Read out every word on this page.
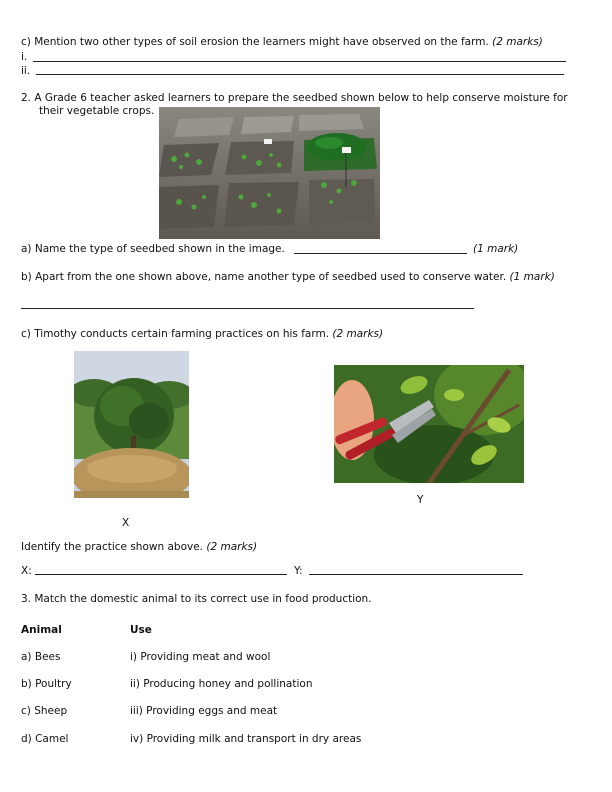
c) Mention two other types of soil erosion the learners might have observed on the farm. (2 marks)
i.
ii.
2. A Grade 6 teacher asked learners to prepare the seedbed shown below to help conserve moisture for
their vegetable crops.
a) Name the type of seedbed shown in the image.	(1 mark)
b) Apart from the one shown above, name another type of seedbed used to conserve water. (1 mark)
c) Timothy conducts certain farming practices on his farm. (2 marks)
Y
X
Identify the practice shown above. (2 marks)
X:	Y:
3. Match the domestic animal to its correct use in food production.
Animal	Use
a) Bees	i) Providing meat and wool
b) Poultry	ii) Producing honey and pollination
c) Sheep	iii) Providing eggs and meat
d) Camel	iv) Providing milk and transport in dry areas
